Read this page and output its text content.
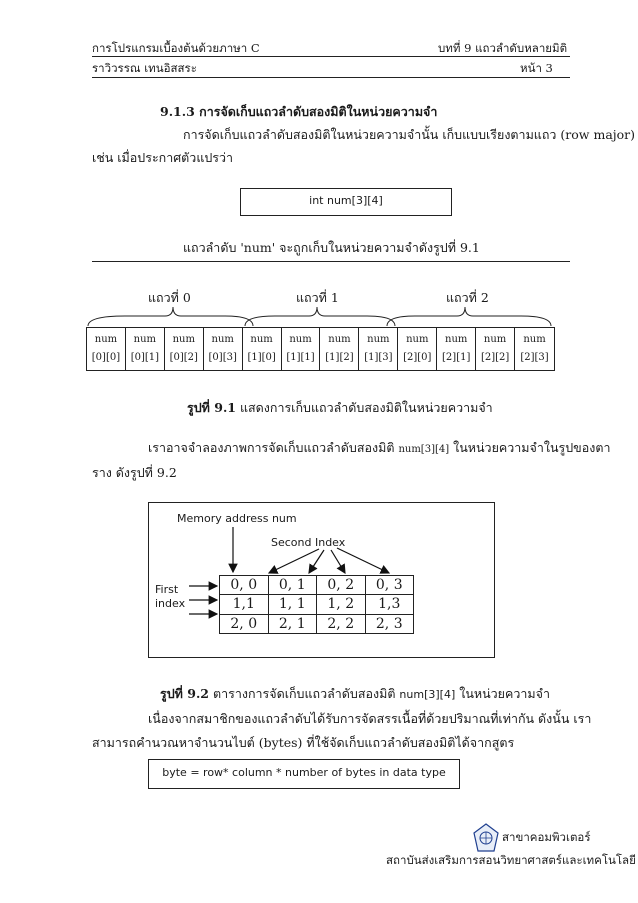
การโปรแกรมเบื้องต้นด้วยภาษา C	บทที่ 9 แถวลำดับหลายมิติ
ราวิวรรณ เทนอิสสระ	หน้า 3
9.1.3 การจัดเก็บแถวลำดับสองมิติในหน่วยความจำ
การจัดเก็บแถวลำดับสองมิติในหน่วยความจำนั้น เก็บแบบเรียงตามแถว (row major)
เช่น เมื่อประกาศตัวแปรว่า
int num[3][4]
แถวลำดับ 'num' จะถูกเก็บในหน่วยความจำดังรูปที่ 9.1
แถวที่ 0	แถวที่ 1	แถวที่ 2
num
[0][0]
num
[0][1]
num
[0][2]
num
[0][3]
num
[1][0]
num
[1][1]
num
[1][2]
num
[1][3]
num
[2][0]
num
[2][1]
num
[2][2]
num
[2][3]
รูปที่ 9.1 แสดงการเก็บแถวลำดับสองมิติในหน่วยความจำ
เราอาจจำลองภาพการจัดเก็บแถวลำดับสองมิติ num[3][4] ในหน่วยความจำในรูปของตา
ราง ดังรูปที่ 9.2
Memory address num
Second Index
First
index
0, 0	0, 1	0, 2	0, 3
1,1	1, 1	1, 2	1,3
2, 0	2, 1	2, 2	2, 3
รูปที่ 9.2 ตารางการจัดเก็บแถวลำดับสองมิติ num[3][4] ในหน่วยความจำ
เนื่องจากสมาชิกของแถวลำดับได้รับการจัดสรรเนื้อที่ด้วยปริมาณที่เท่ากัน ดังนั้น เรา
สามารถคำนวณหาจำนวนไบต์ (bytes) ที่ใช้จัดเก็บแถวลำดับสองมิติได้จากสูตร
byte = row* column * number of bytes in data type
สาขาคอมพิวเตอร์
สถาบันส่งเสริมการสอนวิทยาศาสตร์และเทคโนโลยี
